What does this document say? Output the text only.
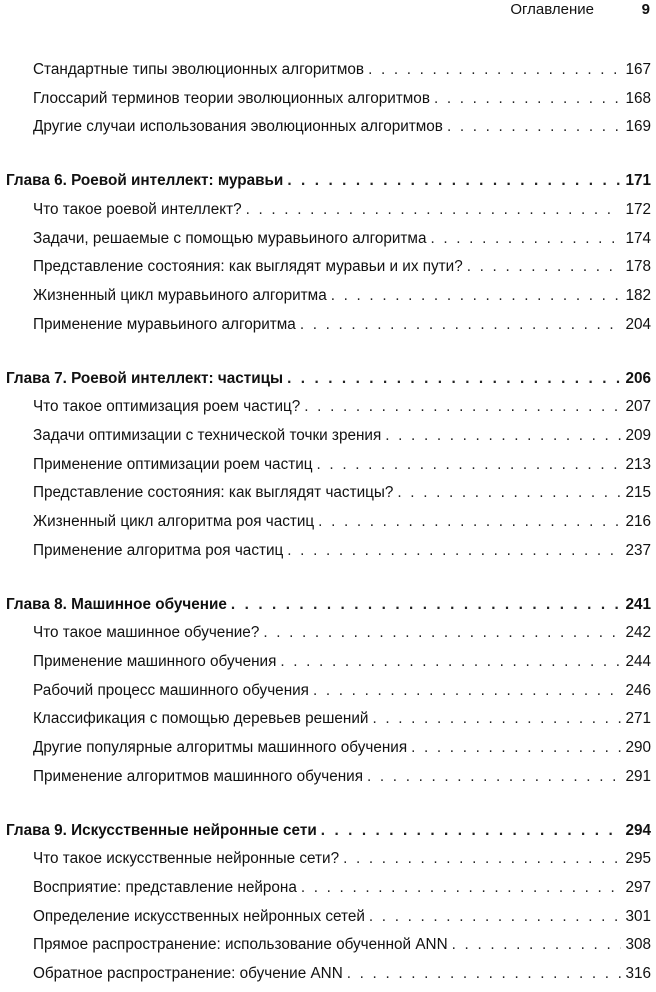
Оглавление	9
Стандартные типы эволюционных алгоритмов . . .	167
Глоссарий терминов теории эволюционных алгоритмов . . .	168
Другие случаи использования эволюционных алгоритмов . . .	169
Глава 6. Роевой интеллект: муравьи . . .	171
Что такое роевой интеллект? . . .	172
Задачи, решаемые с помощью муравьиного алгоритма . . .	174
Представление состояния: как выглядят муравьи и их пути? . . .	178
Жизненный цикл муравьиного алгоритма . . .	182
Применение муравьиного алгоритма . . .	204
Глава 7. Роевой интеллект: частицы . . .	206
Что такое оптимизация роем частиц? . . .	207
Задачи оптимизации с технической точки зрения . . .	209
Применение оптимизации роем частиц . . .	213
Представление состояния: как выглядят частицы? . . .	215
Жизненный цикл алгоритма роя частиц . . .	216
Применение алгоритма роя частиц . . .	237
Глава 8. Машинное обучение . . .	241
Что такое машинное обучение? . . .	242
Применение машинного обучения . . .	244
Рабочий процесс машинного обучения . . .	246
Классификация с помощью деревьев решений . . .	271
Другие популярные алгоритмы машинного обучения . . .	290
Применение алгоритмов машинного обучения . . .	291
Глава 9. Искусственные нейронные сети . . .	294
Что такое искусственные нейронные сети? . . .	295
Восприятие: представление нейрона . . .	297
Определение искусственных нейронных сетей . . .	301
Прямое распространение: использование обученной ANN . . .	308
Обратное распространение: обучение ANN . . .	316
